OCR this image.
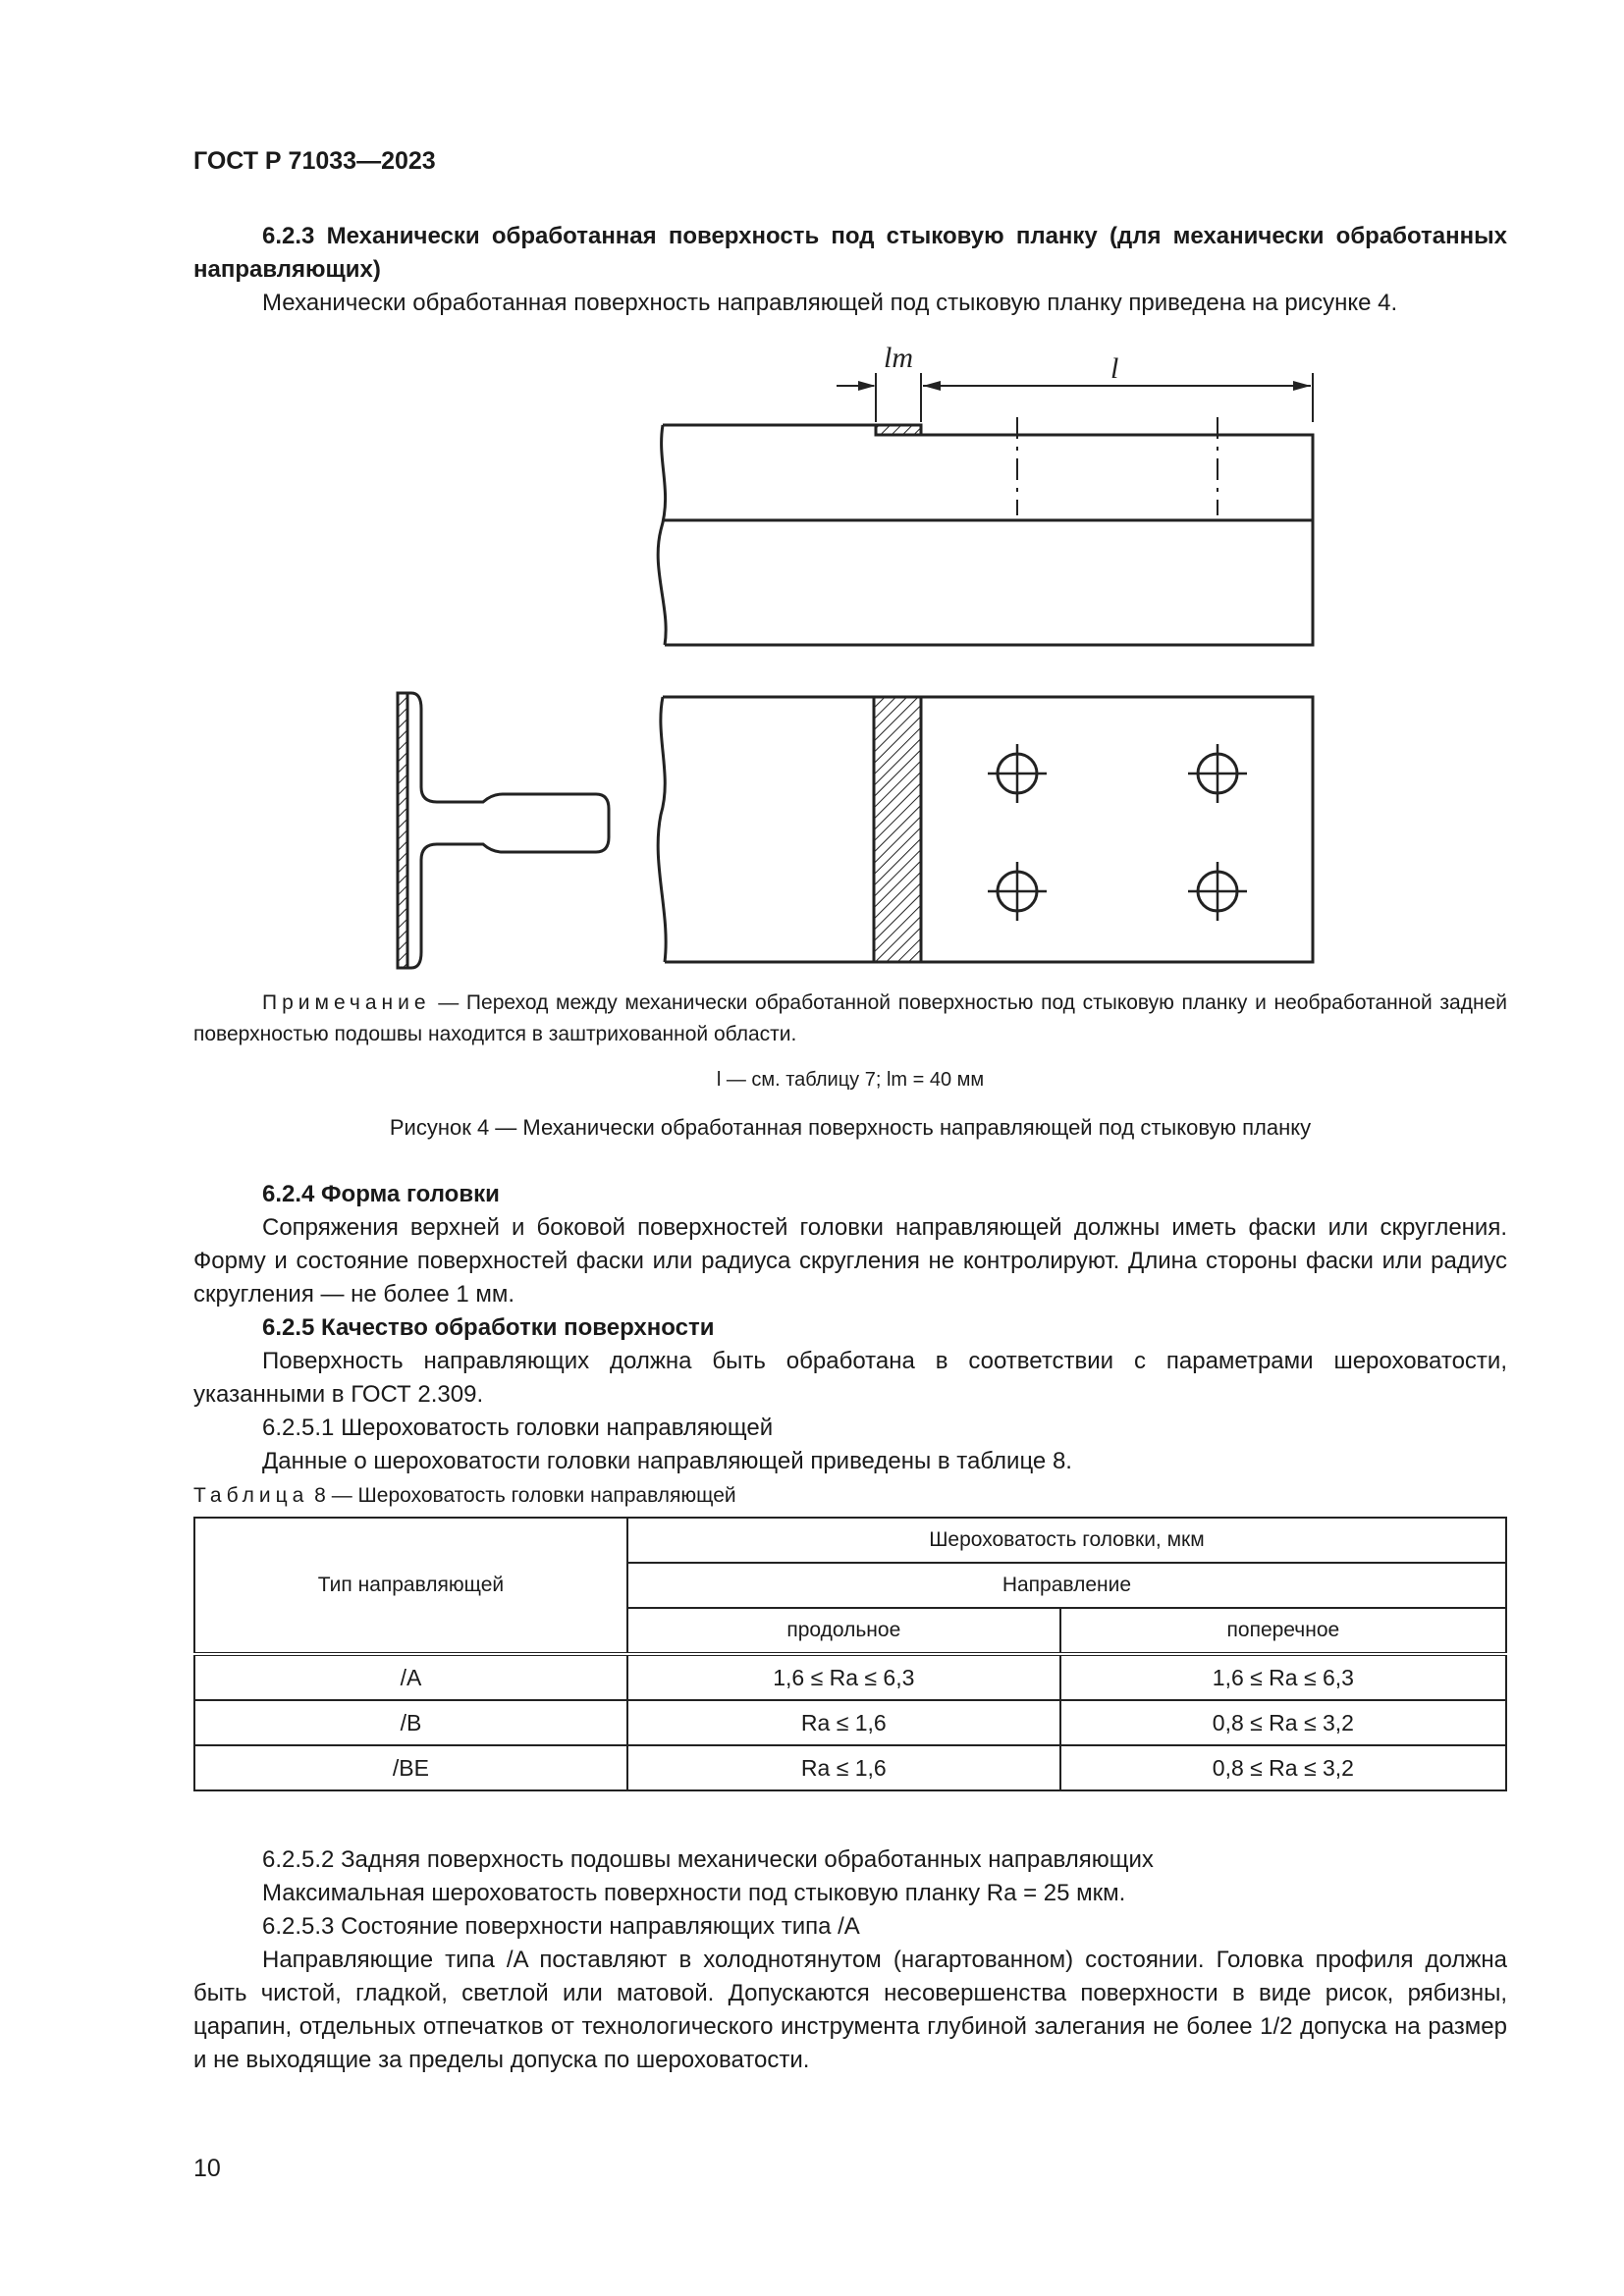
ГОСТ Р 71033—2023

6.2.3 Механически обработанная поверхность под стыковую планку (для механически обработанных направляющих)

Механически обработанная поверхность направляющей под стыковую планку приведена на рисунке 4.

lm	l

Примечание — Переход между механически обработанной поверхностью под стыковую планку и необработанной задней поверхностью подошвы находится в заштрихованной области.

l — см. таблицу 7; lm = 40 мм

Рисунок 4 — Механически обработанная поверхность направляющей под стыковую планку

6.2.4 Форма головки

Сопряжения верхней и боковой поверхностей головки направляющей должны иметь фаски или скругления. Форму и состояние поверхностей фаски или радиуса скругления не контролируют. Длина стороны фаски или радиус скругления — не более 1 мм.

6.2.5 Качество обработки поверхности

Поверхность направляющих должна быть обработана в соответствии с параметрами шероховатости, указанными в ГОСТ 2.309.

6.2.5.1 Шероховатость головки направляющей

Данные о шероховатости головки направляющей приведены в таблице 8.

Таблица 8 — Шероховатость головки направляющей
Тип направляющей	Шероховатость головки, мкм	
	Направление	
	продольное	поперечное
/A	1,6 ≤ Ra ≤ 6,3	1,6 ≤ Ra ≤ 6,3
/B	Ra ≤ 1,6	0,8 ≤ Ra ≤ 3,2
/BE	Ra ≤ 1,6	0,8 ≤ Ra ≤ 3,2

6.2.5.2 Задняя поверхность подошвы механически обработанных направляющих

Максимальная шероховатость поверхности под стыковую планку Ra = 25 мкм.

6.2.5.3 Состояние поверхности направляющих типа /A

Направляющие типа /A поставляют в холоднотянутом (нагартованном) состоянии. Головка профиля должна быть чистой, гладкой, светлой или матовой. Допускаются несовершенства поверхности в виде рисок, рябизны, царапин, отдельных отпечатков от технологического инструмента глубиной залегания не более 1/2 допуска на размер и не выходящие за пределы допуска по шероховатости.

10
